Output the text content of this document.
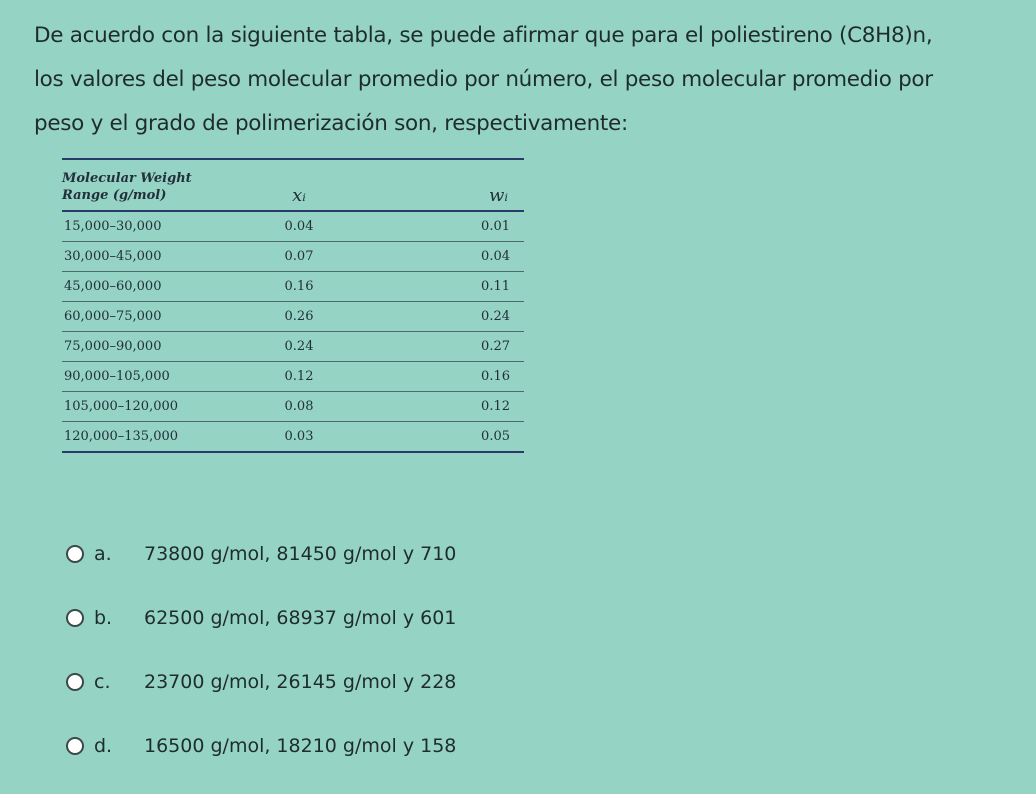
De acuerdo con la siguiente tabla, se puede afirmar que para el poliestireno (C8H8)n,
los valores del peso molecular promedio por número, el peso molecular promedio por
peso y el grado de polimerización son, respectivamente:
Molecular Weight
Range (g/mol)	xᵢ	wᵢ
15,000–30,000	0.04	0.01
30,000–45,000	0.07	0.04
45,000–60,000	0.16	0.11
60,000–75,000	0.26	0.24
75,000–90,000	0.24	0.27
90,000–105,000	0.12	0.16
105,000–120,000	0.08	0.12
120,000–135,000	0.03	0.05
a.	73800 g/mol, 81450 g/mol y 710
b.	62500 g/mol, 68937 g/mol y 601
c.	23700 g/mol, 26145 g/mol y 228
d.	16500 g/mol, 18210 g/mol y 158
